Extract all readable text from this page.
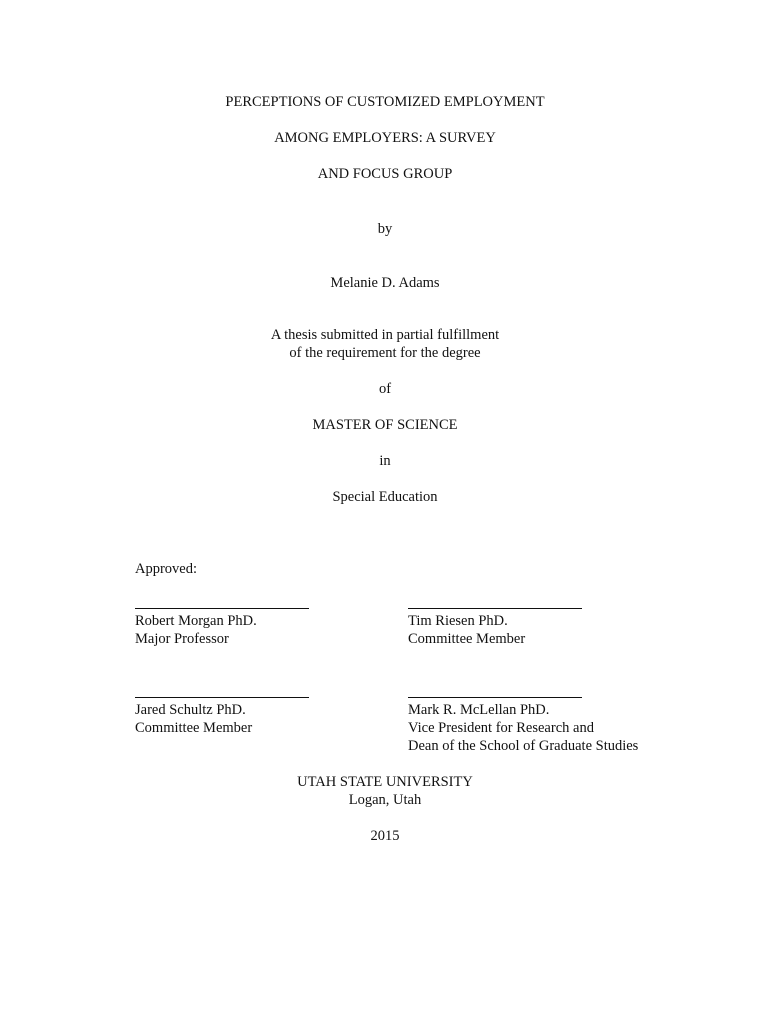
PERCEPTIONS OF CUSTOMIZED EMPLOYMENT
AMONG EMPLOYERS: A SURVEY
AND FOCUS GROUP
by
Melanie D. Adams
A thesis submitted in partial fulfillment
of the requirement for the degree
of
MASTER OF SCIENCE
in
Special Education
Approved:
Robert Morgan PhD.
Major Professor
Tim Riesen PhD.
Committee Member
Jared Schultz PhD.
Committee Member
Mark R. McLellan PhD.
Vice President for Research and
Dean of the School of Graduate Studies
UTAH STATE UNIVERSITY
Logan, Utah
2015
